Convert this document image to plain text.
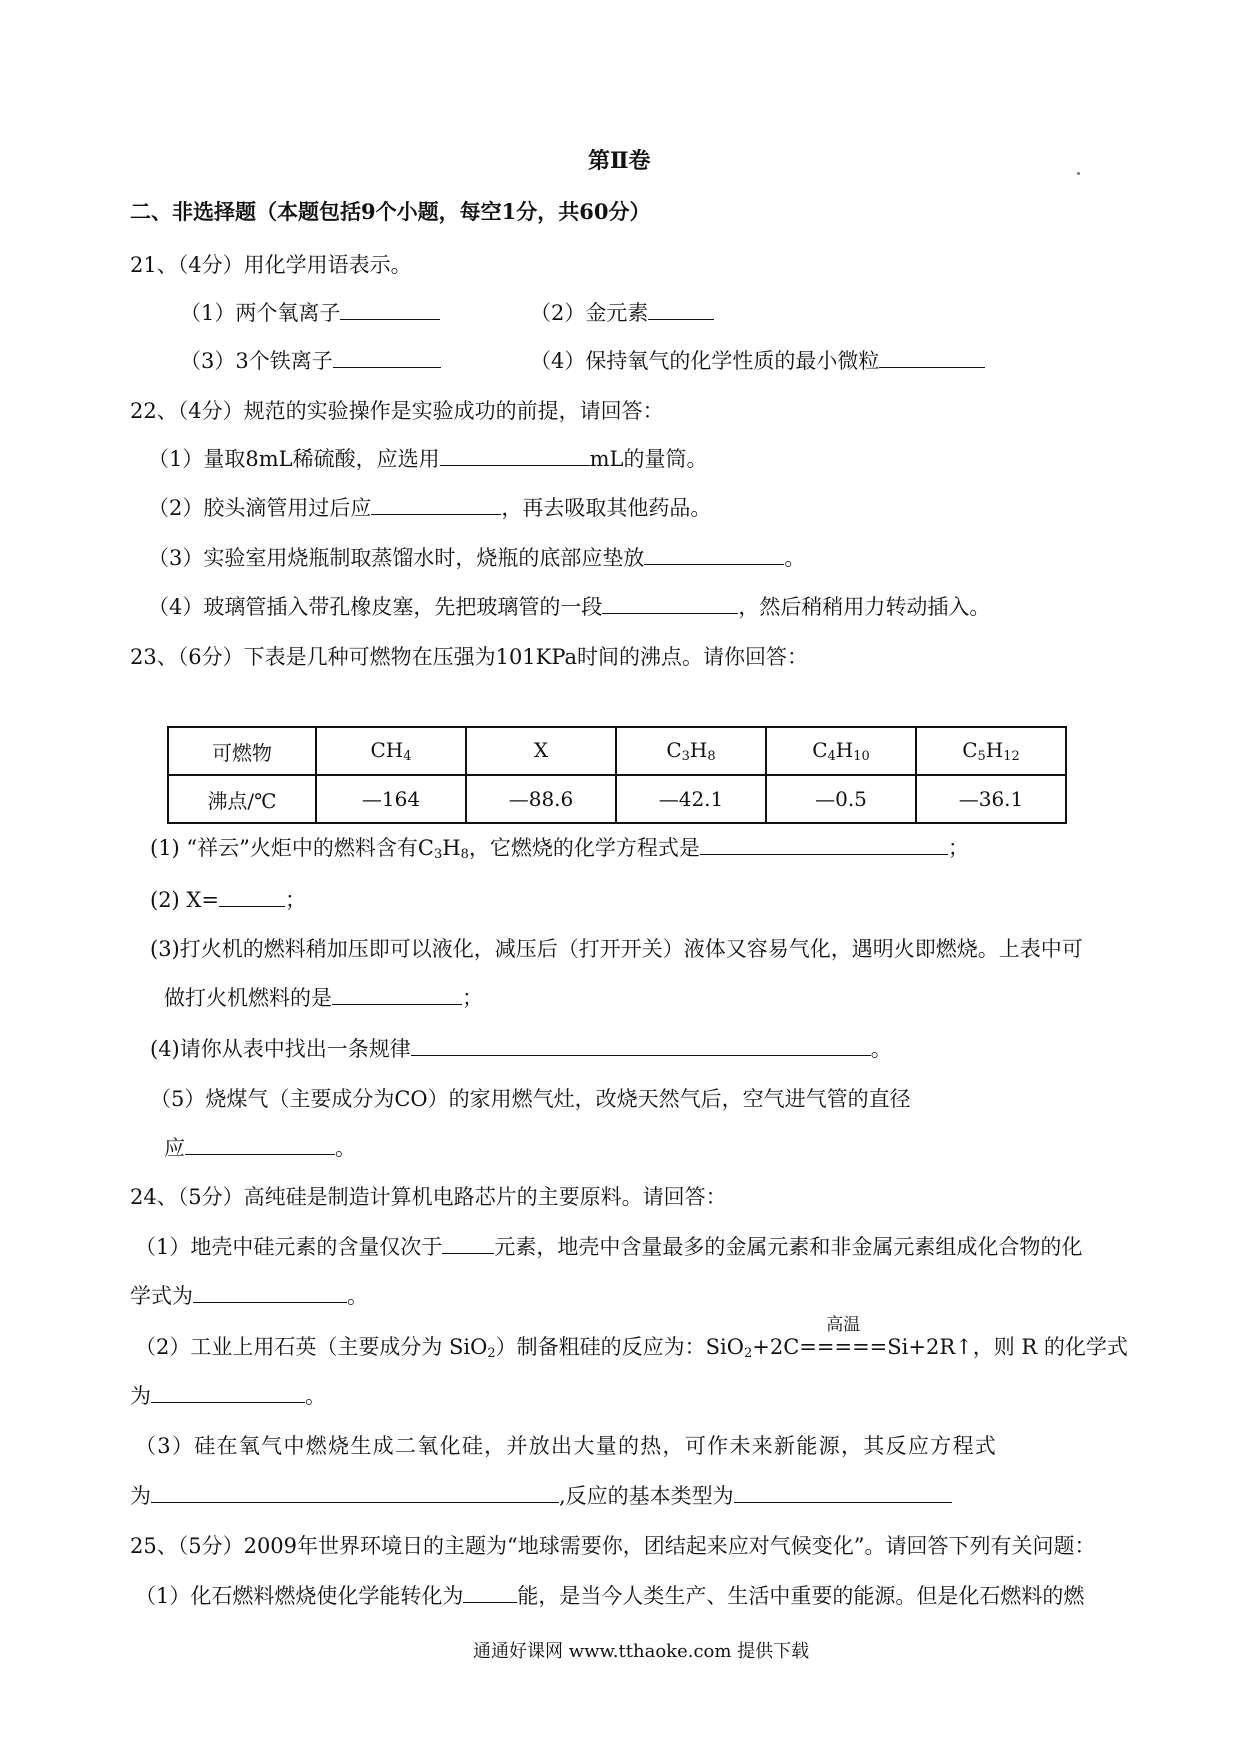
第Ⅱ卷
二、非选择题（本题包括9个小题，每空1分，共60分）
21、（4分）用化学用语表示。
（1）两个氧离子	（2）金元素
（3）3个铁离子	（4）保持氧气的化学性质的最小微粒
22、（4分）规范的实验操作是实验成功的前提，请回答：
（1）量取8mL稀硫酸，应选用	mL的量筒。
（2）胶头滴管用过后应	，再去吸取其他药品。
（3）实验室用烧瓶制取蒸馏水时，烧瓶的底部应垫放	。
（4）玻璃管插入带孔橡皮塞，先把玻璃管的一段	，然后稍稍用力转动插入。
23、（6分）下表是几种可燃物在压强为101KPa时间的沸点。请你回答：
可燃物	$CH_4$	X	$C_3H_8$	$C_4H_{10}$	$C_5H_{12}$
沸点/℃	—164	—88.6	—42.1	—0.5	—36.1
(1) “祥云”火炬中的燃料含有$C_3H_8$，它燃烧的化学方程式是	；
(2) X=	；
(3)打火机的燃料稍加压即可以液化，减压后（打开开关）液体又容易气化，遇明火即燃烧。上表中可
做打火机燃料的是	；
(4)请你从表中找出一条规律	。
（5）烧煤气（主要成分为CO）的家用燃气灶，改烧天然气后，空气进气管的直径
应	。
24、（5分）高纯硅是制造计算机电路芯片的主要原料。请回答：
（1）地壳中硅元素的含量仅次于 元素，地壳中含量最多的金属元素和非金属元素组成化合物的化
学式为	。
（2）工业上用石英（主要成分为 SiO$_2$）制备粗硅的反应为：SiO$_2$+2C
高温
=====Si+2R↑，则 R 的化学式
为	。
（3）硅在氧气中燃烧生成二氧化硅，并放出大量的热，可作未来新能源，其反应方程式
为	,反应的基本类型为
25、（5分）2009年世界环境日的主题为“地球需要你，团结起来应对气候变化”。请回答下列有关问题：
（1）化石燃料燃烧使化学能转化为	能，是当今人类生产、生活中重要的能源。但是化石燃料的燃
通通好课网 www.tthaoke.com 提供下载
